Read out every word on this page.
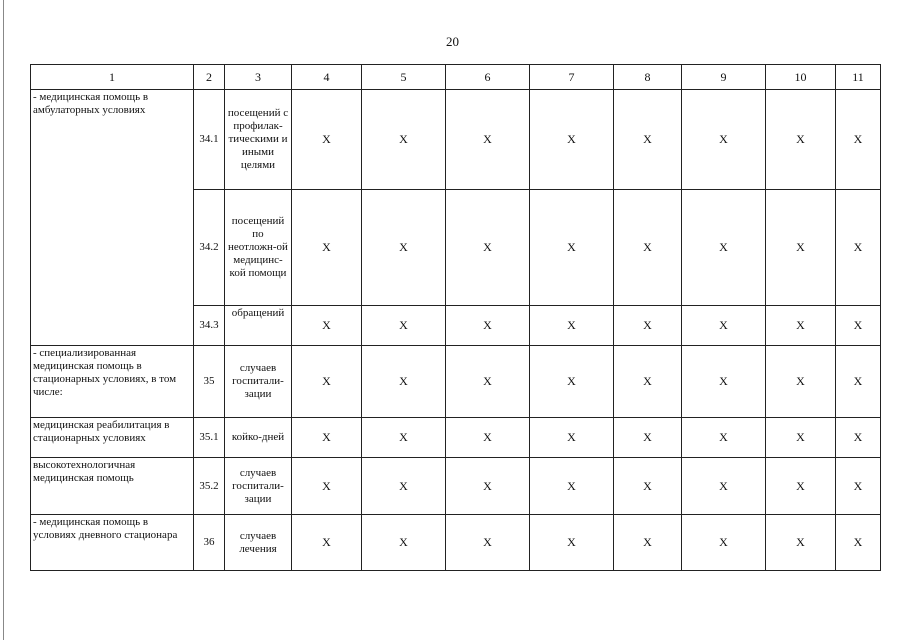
20
1	2	3	4	5	6	7	8	9	10	11
- медицинская помощь в амбулаторных условиях	34.1	посещений с профилак-тическими и иными целями	X	X	X	X	X	X	X	X
	34.2	посещений по неотложн-ой медицинс-кой помощи	X	X	X	X	X	X	X	X
	34.3	обращений	X	X	X	X	X	X	X	X
- специализированная медицинская помощь в стационарных условиях, в том числе:	35	случаев госпитали-зации	X	X	X	X	X	X	X	X
медицинская реабилитация в стационарных условиях	35.1	койко-дней	X	X	X	X	X	X	X	X
высокотехнологичная медицинская помощь	35.2	случаев госпитали-зации	X	X	X	X	X	X	X	X
- медицинская помощь в условиях дневного стационара	36	случаев лечения	X	X	X	X	X	X	X	X
